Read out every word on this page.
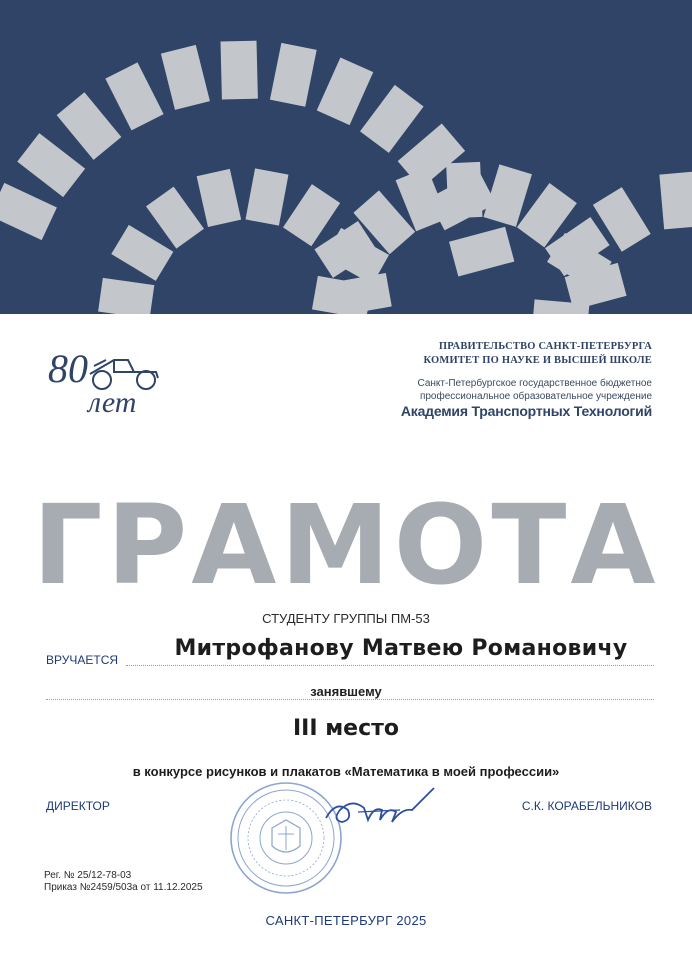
80
лет
ПРАВИТЕЛЬСТВО САНКТ-ПЕТЕРБУРГА
КОМИТЕТ ПО НАУКЕ И ВЫСШЕЙ ШКОЛЕ
Санкт-Петербургское государственное бюджетное
профессиональное образовательное учреждение
Академия Транспортных Технологий
ГРАМОТА
СТУДЕНТУ ГРУППЫ ПМ-53
ВРУЧАЕТСЯ	Митрофанову Матвею Романовичу
занявшему
III место
в конкурсе рисунков и плакатов «Математика в моей профессии»
ДИРЕКТОР	С.К. КОРАБЕЛЬНИКОВ
Рег. № 25/12-78-03
Приказ №2459/503а от 11.12.2025
САНКТ-ПЕТЕРБУРГ 2025
